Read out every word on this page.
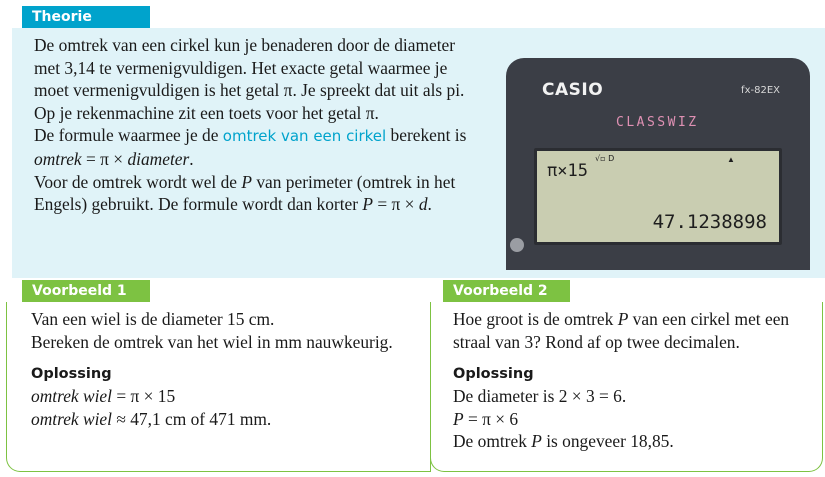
Theorie
De omtrek van een cirkel kun je benaderen door de diameter met 3,14 te vermenigvuldigen. Het exacte getal waarmee je moet vermenigvuldigen is het getal π. Je spreekt dat uit als pi. Op je rekenmachine zit een toets voor het getal π.
De formule waarmee je de omtrek van een cirkel berekent is omtrek = π × diameter.
Voor de omtrek wordt wel de P van perimeter (omtrek in het Engels) gebruikt. De formule wordt dan korter P = π × d.
CASIO	fx-82EX
CLASSWIZ
√▫ D	▲
π×15
47.1238898
Voorbeeld 1
Van een wiel is de diameter 15 cm.
Bereken de omtrek van het wiel in mm nauwkeurig.
Oplossing
omtrek wiel = π × 15
omtrek wiel ≈ 47,1 cm of 471 mm.
Voorbeeld 2
Hoe groot is de omtrek P van een cirkel met een straal van 3? Rond af op twee decimalen.
Oplossing
De diameter is 2 × 3 = 6.
P = π × 6
De omtrek P is ongeveer 18,85.
